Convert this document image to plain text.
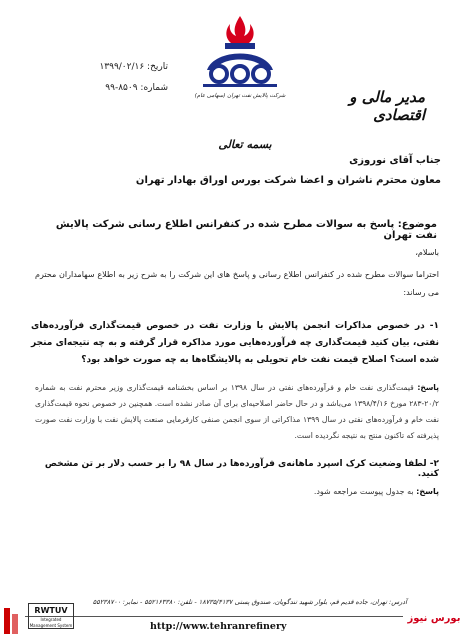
تاریخ: ۱۳۹۹/۰۲/۱۶
شماره: ۸۵۰۹-۹۹
شرکت پالایش نفت تهران (سهامی عام)	مدیر مالی و اقتصادی
بسمه تعالی
جناب آقای نوروزی
معاون محترم ناشران و اعضا شرکت بورس اوراق بهادار تهران
موضوع: پاسخ به سوالات مطرح شده در کنفرانس اطلاع رسانی شرکت پالایش نفت تهران
باسلام،
احتراما سوالات مطرح شده در کنفرانس اطلاع رسانی و پاسخ های این شرکت را به شرح زیر به اطلاع سهامداران محترم می رساند:
۱- در خصوص مذاکرات انجمن پالایش با وزارت نفت در خصوص قیمت‌گذاری فرآورده‌های نفتی، بیان کنید قیمت‌گذاری چه فرآورده‌هایی مورد مذاکره قرار گرفته و به چه نتیجه‌ای منجر شده است؟ اصلاح قیمت نفت خام تحویلی به پالایشگاه‌ها به چه صورت خواهد بود؟
پاسخ: قیمت‌گذاری نفت خام و فرآورده‌های نفتی در سال ۱۳۹۸ بر اساس بخشنامه قیمت‌گذاری وزیر محترم نفت به شماره ۲۰/۲-۲۸۳ مورخ ۱۳۹۸/۴/۱۶ می‌باشد و در حال حاضر اصلاحیه‌ای برای آن صادر نشده است. همچنین در خصوص نحوه قیمت‌گذاری نفت خام و فرآورده‌های نفتی در سال ۱۳۹۹ مذاکراتی از سوی انجمن صنفی کارفرمایی صنعت پالایش نفت با وزارت نفت صورت پذیرفته که تاکنون منتج به نتیجه نگردیده است.
۲- لطفا وضعیت کرک اسپرد ماهانه‌ی فرآورده‌ها در سال ۹۸ را بر حسب دلار بر تن مشخص کنید.
پاسخ: به جدول پیوست مراجعه شود.
آدرس: تهران، جاده قدیم قم، بلوار شهید تندگویان، صندوق پستی ۱۸۷۳۵/۴۱۳۷ - تلفن: ۵۵۲۱۶۳۳۸۰ - نمابر: ۵۵۲۳۸۷۰۰
http://www.tehranrefinery
RWTUV
Integrated Management System
بورس نیوز
